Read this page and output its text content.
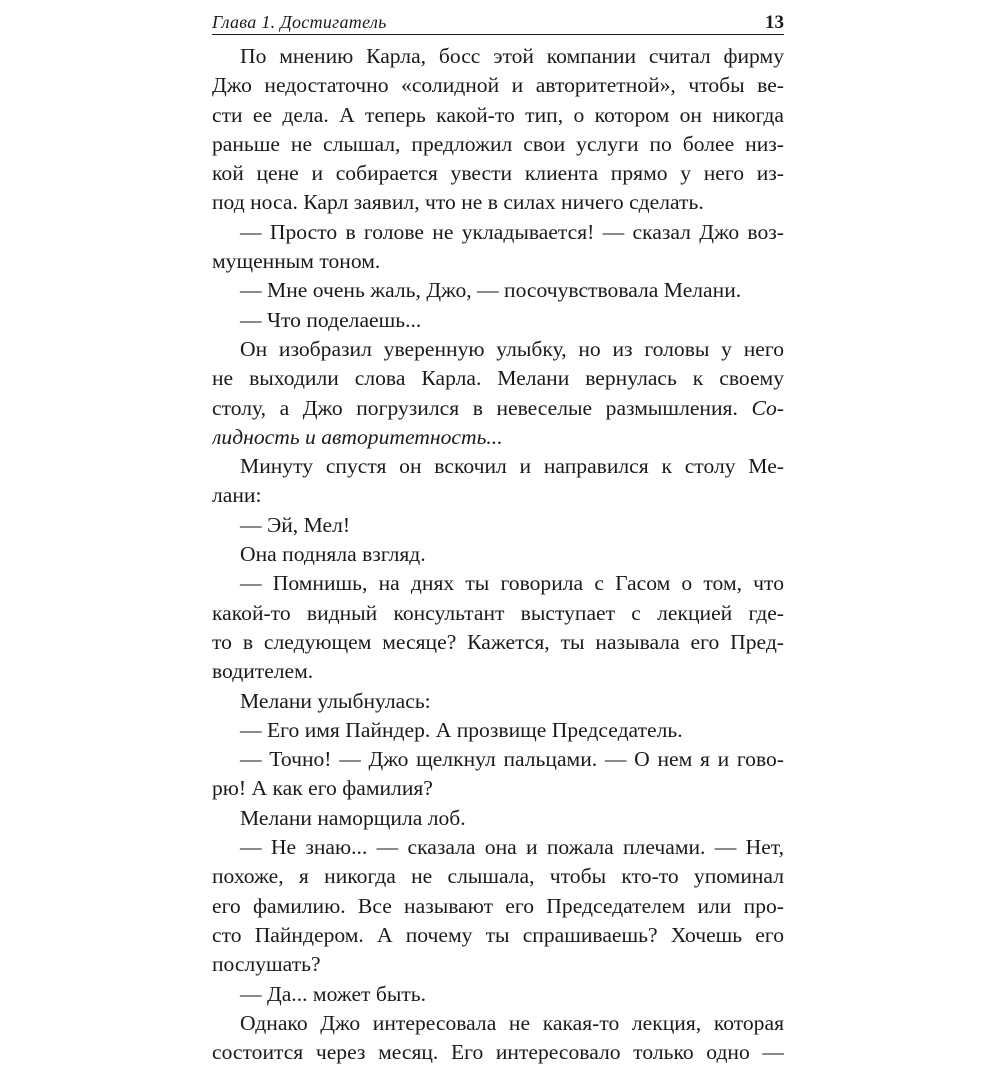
Глава 1. Достигатель	13
По мнению Карла, босс этой компании считал фирму
Джо недостаточно «солидной и авторитетной», чтобы ве-
сти ее дела. А теперь какой-то тип, о котором он никогда
раньше не слышал, предложил свои услуги по более низ-
кой цене и собирается увести клиента прямо у него из-
под носа. Карл заявил, что не в силах ничего сделать.
— Просто в голове не укладывается! — сказал Джо воз-
мущенным тоном.
— Мне очень жаль, Джо, — посочувствовала Мелани.
— Что поделаешь...
Он изобразил уверенную улыбку, но из головы у него
не выходили слова Карла. Мелани вернулась к своему
столу, а Джо погрузился в невеселые размышления. Со-
лидность и авторитетность...
Минуту спустя он вскочил и направился к столу Ме-
лани:
— Эй, Мел!
Она подняла взгляд.
— Помнишь, на днях ты говорила с Гасом о том, что
какой-то видный консультант выступает с лекцией где-
то в следующем месяце? Кажется, ты называла его Пред-
водителем.
Мелани улыбнулась:
— Его имя Пайндер. А прозвище Председатель.
— Точно! — Джо щелкнул пальцами. — О нем я и гово-
рю! А как его фамилия?
Мелани наморщила лоб.
— Не знаю... — сказала она и пожала плечами. — Нет,
похоже, я никогда не слышала, чтобы кто-то упоминал
его фамилию. Все называют его Председателем или про-
сто Пайндером. А почему ты спрашиваешь? Хочешь его
послушать?
— Да... может быть.
Однако Джо интересовала не какая-то лекция, которая
состоится через месяц. Его интересовало только одно —
